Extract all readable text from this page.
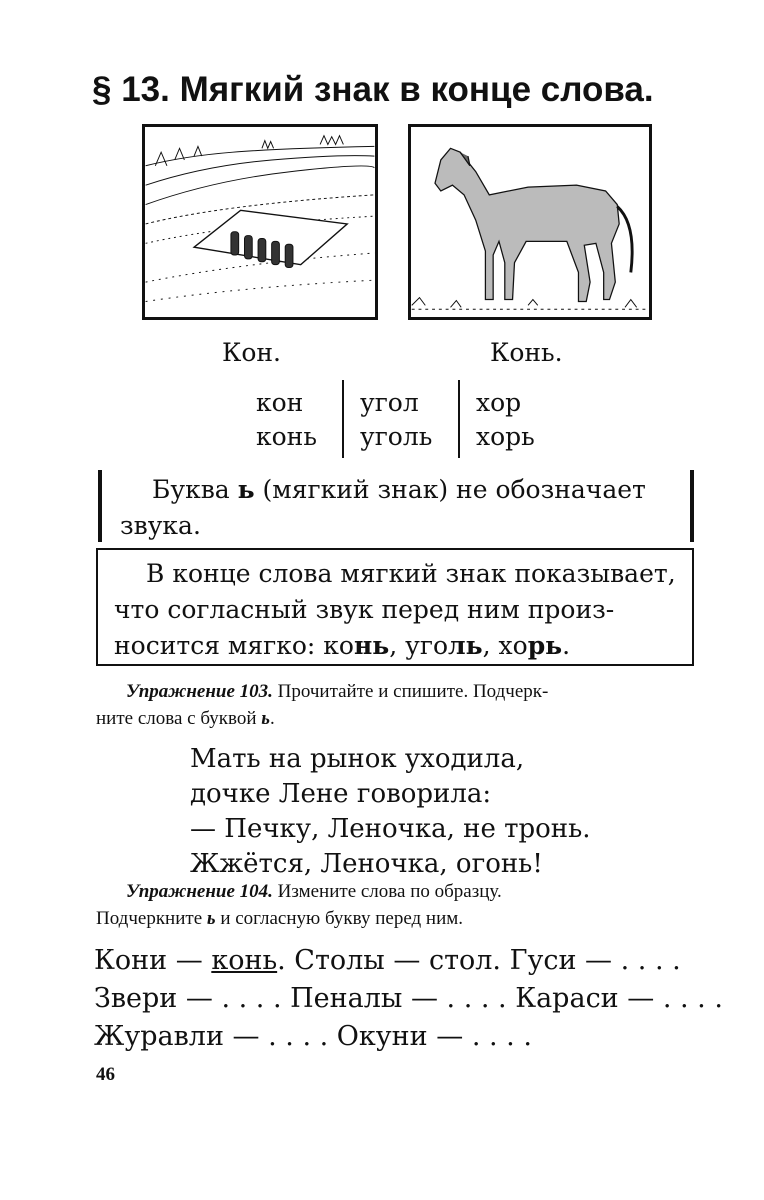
§ 13. Мягкий знак в конце слова.
Кон.	Конь.
кон
конь
угол
уголь
хор
хорь
Буква ь (мягкий знак) не обозначает
звука.
В конце слова мягкий знак показывает,
что согласный звук перед ним произ-
носится мягко: конь, уголь, хорь.
Упражнение 103. Прочитайте и спишите. Подчерк-
ните слова с буквой ь.
Мать на рынок уходила,
дочке Лене говорила:
— Печку, Леночка, не тронь.
Жжётся, Леночка, огонь!
Упражнение 104. Измените слова по образцу.
Подчеркните ь и согласную букву перед ним.
Кони — конь. Столы — стол. Гуси — . . . .
Звери — . . . . Пеналы — . . . . Караси — . . . .
Журавли — . . . . Окуни — . . . .
46
